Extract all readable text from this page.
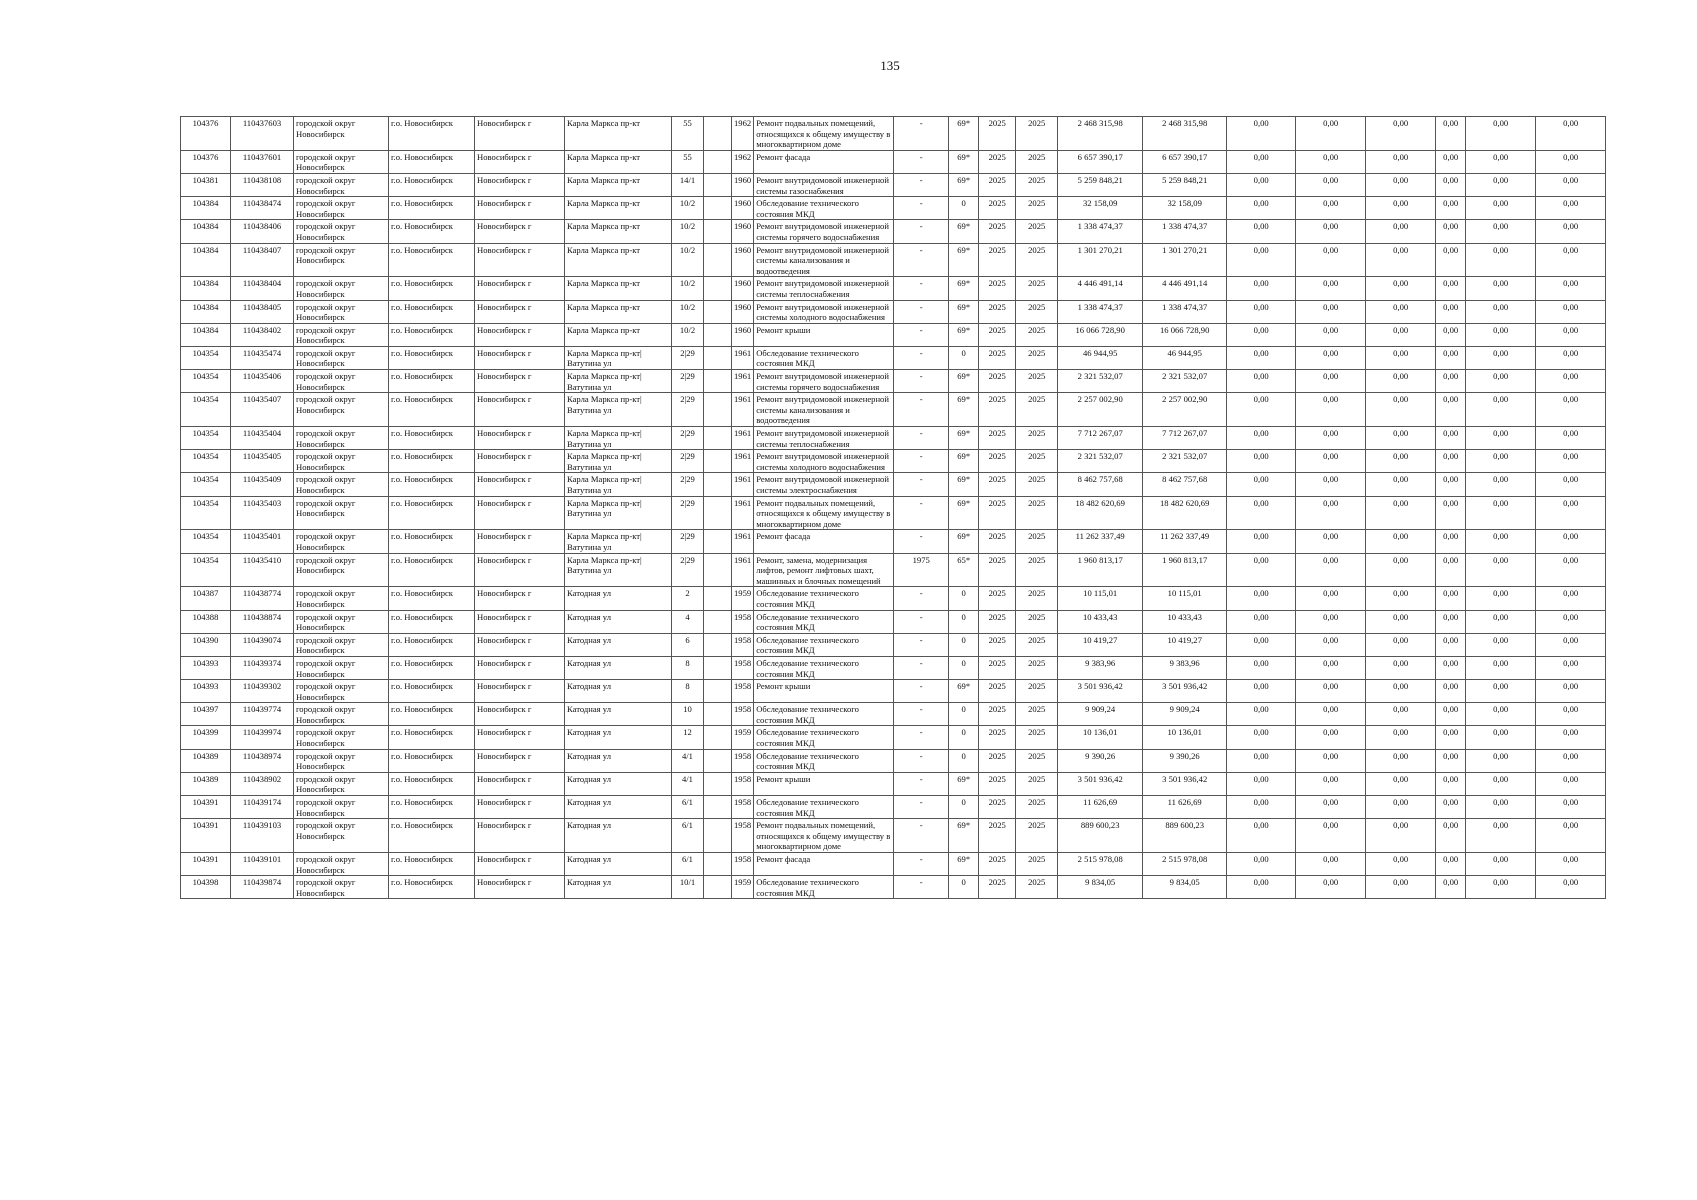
135
104376	110437603	городской округ Новосибирск	г.о. Новосибирск	Новосибирск г	Карла Маркса пр-кт	55		1962	Ремонт подвальных помещений, относящихся к общему имуществу в многоквартирном доме	-	69*	2025	2025	2 468 315,98	2 468 315,98	0,00	0,00	0,00	0,00	0,00	0,00
104376	110437601	городской округ Новосибирск	г.о. Новосибирск	Новосибирск г	Карла Маркса пр-кт	55		1962	Ремонт фасада	-	69*	2025	2025	6 657 390,17	6 657 390,17	0,00	0,00	0,00	0,00	0,00	0,00
104381	110438108	городской округ Новосибирск	г.о. Новосибирск	Новосибирск г	Карла Маркса пр-кт	14/1		1960	Ремонт внутридомовой инженерной системы газоснабжения	-	69*	2025	2025	5 259 848,21	5 259 848,21	0,00	0,00	0,00	0,00	0,00	0,00
104384	110438474	городской округ Новосибирск	г.о. Новосибирск	Новосибирск г	Карла Маркса пр-кт	10/2		1960	Обследование технического состояния МКД	-	0	2025	2025	32 158,09	32 158,09	0,00	0,00	0,00	0,00	0,00	0,00
104384	110438406	городской округ Новосибирск	г.о. Новосибирск	Новосибирск г	Карла Маркса пр-кт	10/2		1960	Ремонт внутридомовой инженерной системы горячего водоснабжения	-	69*	2025	2025	1 338 474,37	1 338 474,37	0,00	0,00	0,00	0,00	0,00	0,00
104384	110438407	городской округ Новосибирск	г.о. Новосибирск	Новосибирск г	Карла Маркса пр-кт	10/2		1960	Ремонт внутридомовой инженерной системы канализования и водоотведения	-	69*	2025	2025	1 301 270,21	1 301 270,21	0,00	0,00	0,00	0,00	0,00	0,00
104384	110438404	городской округ Новосибирск	г.о. Новосибирск	Новосибирск г	Карла Маркса пр-кт	10/2		1960	Ремонт внутридомовой инженерной системы теплоснабжения	-	69*	2025	2025	4 446 491,14	4 446 491,14	0,00	0,00	0,00	0,00	0,00	0,00
104384	110438405	городской округ Новосибирск	г.о. Новосибирск	Новосибирск г	Карла Маркса пр-кт	10/2		1960	Ремонт внутридомовой инженерной системы холодного водоснабжения	-	69*	2025	2025	1 338 474,37	1 338 474,37	0,00	0,00	0,00	0,00	0,00	0,00
104384	110438402	городской округ Новосибирск	г.о. Новосибирск	Новосибирск г	Карла Маркса пр-кт	10/2		1960	Ремонт крыши	-	69*	2025	2025	16 066 728,90	16 066 728,90	0,00	0,00	0,00	0,00	0,00	0,00
104354	110435474	городской округ Новосибирск	г.о. Новосибирск	Новосибирск г	Карла Маркса пр-кт| Ватутина ул	2|29		1961	Обследование технического состояния МКД	-	0	2025	2025	46 944,95	46 944,95	0,00	0,00	0,00	0,00	0,00	0,00
104354	110435406	городской округ Новосибирск	г.о. Новосибирск	Новосибирск г	Карла Маркса пр-кт| Ватутина ул	2|29		1961	Ремонт внутридомовой инженерной системы горячего водоснабжения	-	69*	2025	2025	2 321 532,07	2 321 532,07	0,00	0,00	0,00	0,00	0,00	0,00
104354	110435407	городской округ Новосибирск	г.о. Новосибирск	Новосибирск г	Карла Маркса пр-кт| Ватутина ул	2|29		1961	Ремонт внутридомовой инженерной системы канализования и водоотведения	-	69*	2025	2025	2 257 002,90	2 257 002,90	0,00	0,00	0,00	0,00	0,00	0,00
104354	110435404	городской округ Новосибирск	г.о. Новосибирск	Новосибирск г	Карла Маркса пр-кт| Ватутина ул	2|29		1961	Ремонт внутридомовой инженерной системы теплоснабжения	-	69*	2025	2025	7 712 267,07	7 712 267,07	0,00	0,00	0,00	0,00	0,00	0,00
104354	110435405	городской округ Новосибирск	г.о. Новосибирск	Новосибирск г	Карла Маркса пр-кт| Ватутина ул	2|29		1961	Ремонт внутридомовой инженерной системы холодного водоснабжения	-	69*	2025	2025	2 321 532,07	2 321 532,07	0,00	0,00	0,00	0,00	0,00	0,00
104354	110435409	городской округ Новосибирск	г.о. Новосибирск	Новосибирск г	Карла Маркса пр-кт| Ватутина ул	2|29		1961	Ремонт внутридомовой инженерной системы электроснабжения	-	69*	2025	2025	8 462 757,68	8 462 757,68	0,00	0,00	0,00	0,00	0,00	0,00
104354	110435403	городской округ Новосибирск	г.о. Новосибирск	Новосибирск г	Карла Маркса пр-кт| Ватутина ул	2|29		1961	Ремонт подвальных помещений, относящихся к общему имуществу в многоквартирном доме	-	69*	2025	2025	18 482 620,69	18 482 620,69	0,00	0,00	0,00	0,00	0,00	0,00
104354	110435401	городской округ Новосибирск	г.о. Новосибирск	Новосибирск г	Карла Маркса пр-кт| Ватутина ул	2|29		1961	Ремонт фасада	-	69*	2025	2025	11 262 337,49	11 262 337,49	0,00	0,00	0,00	0,00	0,00	0,00
104354	110435410	городской округ Новосибирск	г.о. Новосибирск	Новосибирск г	Карла Маркса пр-кт| Ватутина ул	2|29		1961	Ремонт, замена, модернизация лифтов, ремонт лифтовых шахт, машинных и блочных помещений	1975	65*	2025	2025	1 960 813,17	1 960 813,17	0,00	0,00	0,00	0,00	0,00	0,00
104387	110438774	городской округ Новосибирск	г.о. Новосибирск	Новосибирск г	Катодная ул	2		1959	Обследование технического состояния МКД	-	0	2025	2025	10 115,01	10 115,01	0,00	0,00	0,00	0,00	0,00	0,00
104388	110438874	городской округ Новосибирск	г.о. Новосибирск	Новосибирск г	Катодная ул	4		1958	Обследование технического состояния МКД	-	0	2025	2025	10 433,43	10 433,43	0,00	0,00	0,00	0,00	0,00	0,00
104390	110439074	городской округ Новосибирск	г.о. Новосибирск	Новосибирск г	Катодная ул	6		1958	Обследование технического состояния МКД	-	0	2025	2025	10 419,27	10 419,27	0,00	0,00	0,00	0,00	0,00	0,00
104393	110439374	городской округ Новосибирск	г.о. Новосибирск	Новосибирск г	Катодная ул	8		1958	Обследование технического состояния МКД	-	0	2025	2025	9 383,96	9 383,96	0,00	0,00	0,00	0,00	0,00	0,00
104393	110439302	городской округ Новосибирск	г.о. Новосибирск	Новосибирск г	Катодная ул	8		1958	Ремонт крыши	-	69*	2025	2025	3 501 936,42	3 501 936,42	0,00	0,00	0,00	0,00	0,00	0,00
104397	110439774	городской округ Новосибирск	г.о. Новосибирск	Новосибирск г	Катодная ул	10		1958	Обследование технического состояния МКД	-	0	2025	2025	9 909,24	9 909,24	0,00	0,00	0,00	0,00	0,00	0,00
104399	110439974	городской округ Новосибирск	г.о. Новосибирск	Новосибирск г	Катодная ул	12		1959	Обследование технического состояния МКД	-	0	2025	2025	10 136,01	10 136,01	0,00	0,00	0,00	0,00	0,00	0,00
104389	110438974	городской округ Новосибирск	г.о. Новосибирск	Новосибирск г	Катодная ул	4/1		1958	Обследование технического состояния МКД	-	0	2025	2025	9 390,26	9 390,26	0,00	0,00	0,00	0,00	0,00	0,00
104389	110438902	городской округ Новосибирск	г.о. Новосибирск	Новосибирск г	Катодная ул	4/1		1958	Ремонт крыши	-	69*	2025	2025	3 501 936,42	3 501 936,42	0,00	0,00	0,00	0,00	0,00	0,00
104391	110439174	городской округ Новосибирск	г.о. Новосибирск	Новосибирск г	Катодная ул	6/1		1958	Обследование технического состояния МКД	-	0	2025	2025	11 626,69	11 626,69	0,00	0,00	0,00	0,00	0,00	0,00
104391	110439103	городской округ Новосибирск	г.о. Новосибирск	Новосибирск г	Катодная ул	6/1		1958	Ремонт подвальных помещений, относящихся к общему имуществу в многоквартирном доме	-	69*	2025	2025	889 600,23	889 600,23	0,00	0,00	0,00	0,00	0,00	0,00
104391	110439101	городской округ Новосибирск	г.о. Новосибирск	Новосибирск г	Катодная ул	6/1		1958	Ремонт фасада	-	69*	2025	2025	2 515 978,08	2 515 978,08	0,00	0,00	0,00	0,00	0,00	0,00
104398	110439874	городской округ Новосибирск	г.о. Новосибирск	Новосибирск г	Катодная ул	10/1		1959	Обследование технического состояния МКД	-	0	2025	2025	9 834,05	9 834,05	0,00	0,00	0,00	0,00	0,00	0,00
